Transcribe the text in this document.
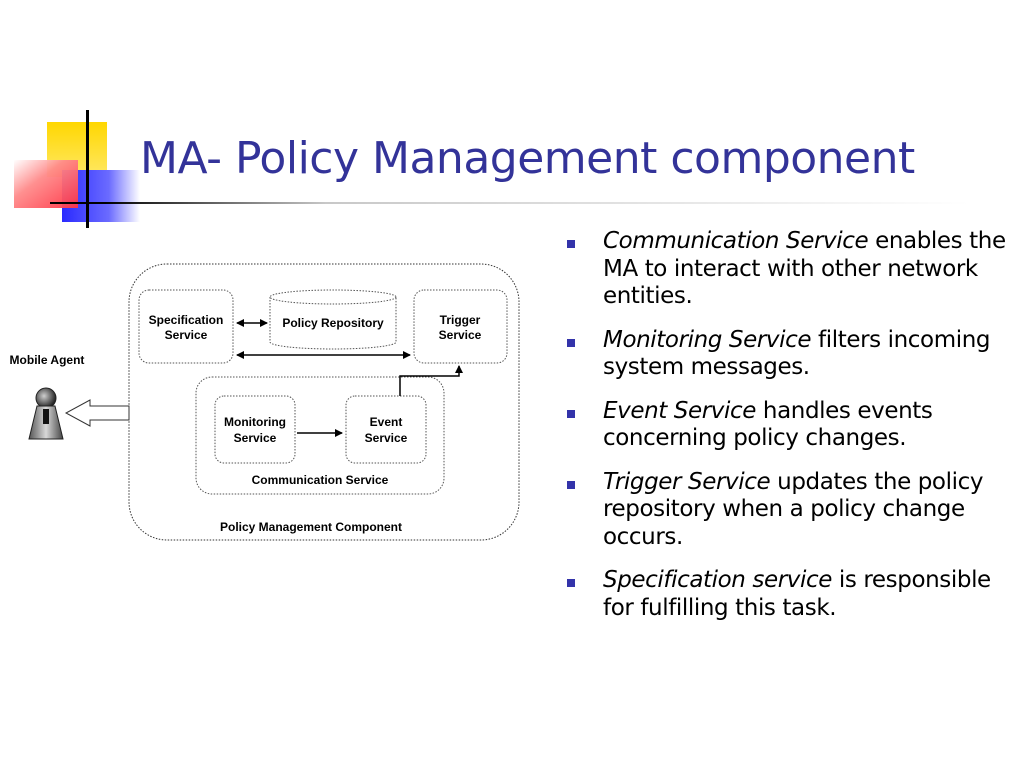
MA- Policy Management component
Specification
Service
Policy Repository	Trigger
Service
Monitoring
Service
Event
Service
Communication Service
Policy Management Component
Mobile Agent
Communication Service enables the MA to interact with other network entities.
Monitoring Service filters incoming system messages.
Event Service handles events concerning policy changes.
Trigger Service updates the policy repository when a policy change occurs.
Specification service is responsible for fulfilling this task.
